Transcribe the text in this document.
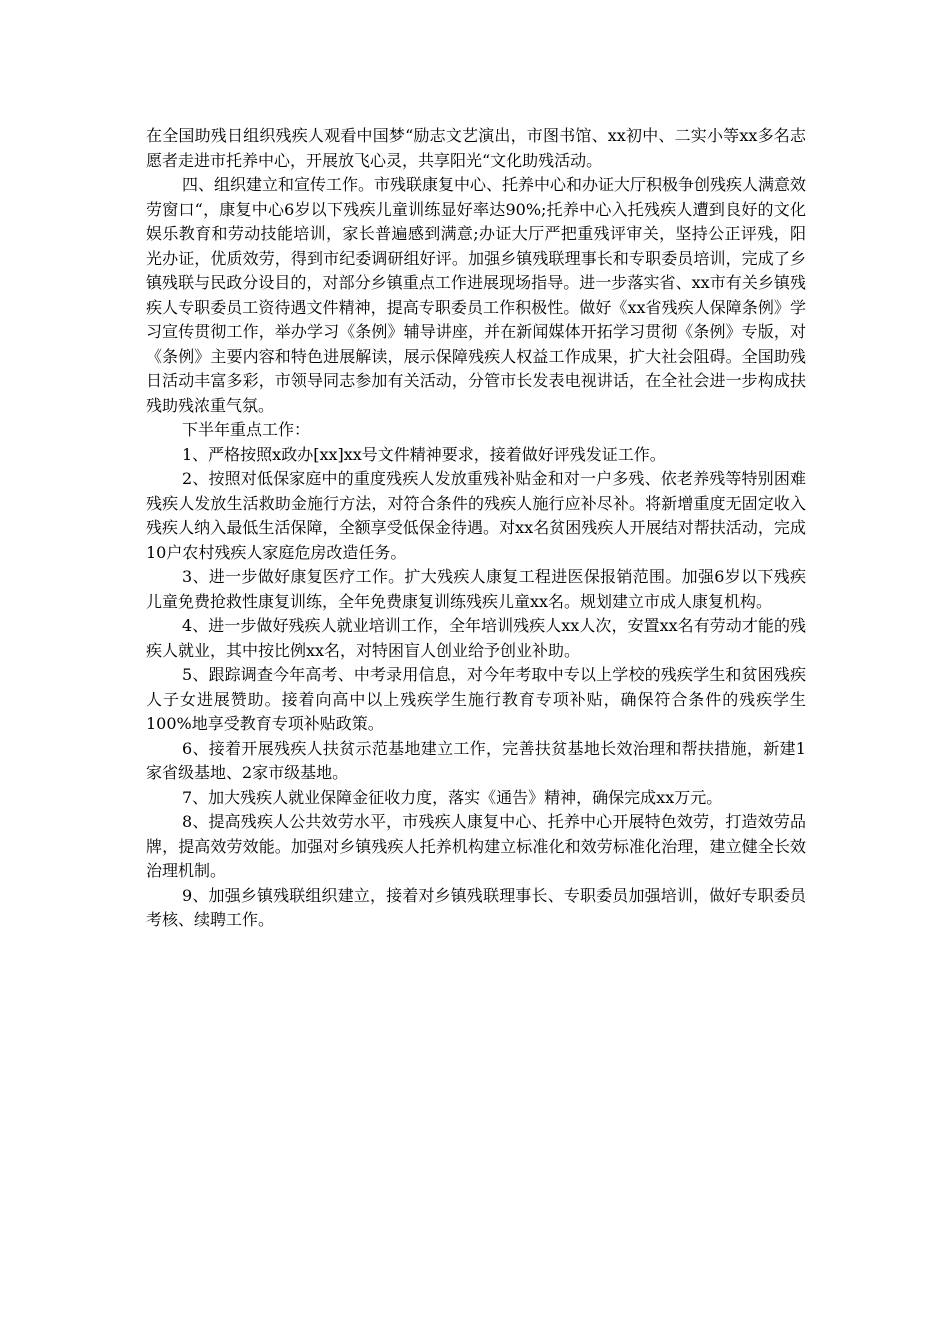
在全国助残日组织残疾人观看中国梦“励志文艺演出，市图书馆、xx初中、二实小等xx多名志愿者走进市托养中心，开展放飞心灵，共享阳光“文化助残活动。

四、组织建立和宣传工作。市残联康复中心、托养中心和办证大厅积极争创残疾人满意效劳窗口“，康复中心6岁以下残疾儿童训练显好率达90%;托养中心入托残疾人遭到良好的文化娱乐教育和劳动技能培训，家长普遍感到满意;办证大厅严把重残评审关，坚持公正评残，阳光办证，优质效劳，得到市纪委调研组好评。加强乡镇残联理事长和专职委员培训，完成了乡镇残联与民政分设目的，对部分乡镇重点工作进展现场指导。进一步落实省、xx市有关乡镇残疾人专职委员工资待遇文件精神，提高专职委员工作积极性。做好《xx省残疾人保障条例》学习宣传贯彻工作，举办学习《条例》辅导讲座，并在新闻媒体开拓学习贯彻《条例》专版，对《条例》主要内容和特色进展解读，展示保障残疾人权益工作成果，扩大社会阻碍。全国助残日活动丰富多彩，市领导同志参加有关活动，分管市长发表电视讲话，在全社会进一步构成扶残助残浓重气氛。

下半年重点工作：

1、严格按照x政办[xx]xx号文件精神要求，接着做好评残发证工作。

2、按照对低保家庭中的重度残疾人发放重残补贴金和对一户多残、依老养残等特别困难残疾人发放生活救助金施行方法，对符合条件的残疾人施行应补尽补。将新增重度无固定收入残疾人纳入最低生活保障，全额享受低保金待遇。对xx名贫困残疾人开展结对帮扶活动，完成10户农村残疾人家庭危房改造任务。

3、进一步做好康复医疗工作。扩大残疾人康复工程进医保报销范围。加强6岁以下残疾儿童免费抢救性康复训练，全年免费康复训练残疾儿童xx名。规划建立市成人康复机构。

4、进一步做好残疾人就业培训工作，全年培训残疾人xx人次，安置xx名有劳动才能的残疾人就业，其中按比例xx名，对特困盲人创业给予创业补助。

5、跟踪调查今年高考、中考录用信息，对今年考取中专以上学校的残疾学生和贫困残疾人子女进展赞助。接着向高中以上残疾学生施行教育专项补贴，确保符合条件的残疾学生100%地享受教育专项补贴政策。

6、接着开展残疾人扶贫示范基地建立工作，完善扶贫基地长效治理和帮扶措施，新建1家省级基地、2家市级基地。

7、加大残疾人就业保障金征收力度，落实《通告》精神，确保完成xx万元。

8、提高残疾人公共效劳水平，市残疾人康复中心、托养中心开展特色效劳，打造效劳品牌，提高效劳效能。加强对乡镇残疾人托养机构建立标准化和效劳标准化治理，建立健全长效治理机制。

9、加强乡镇残联组织建立，接着对乡镇残联理事长、专职委员加强培训，做好专职委员考核、续聘工作。
